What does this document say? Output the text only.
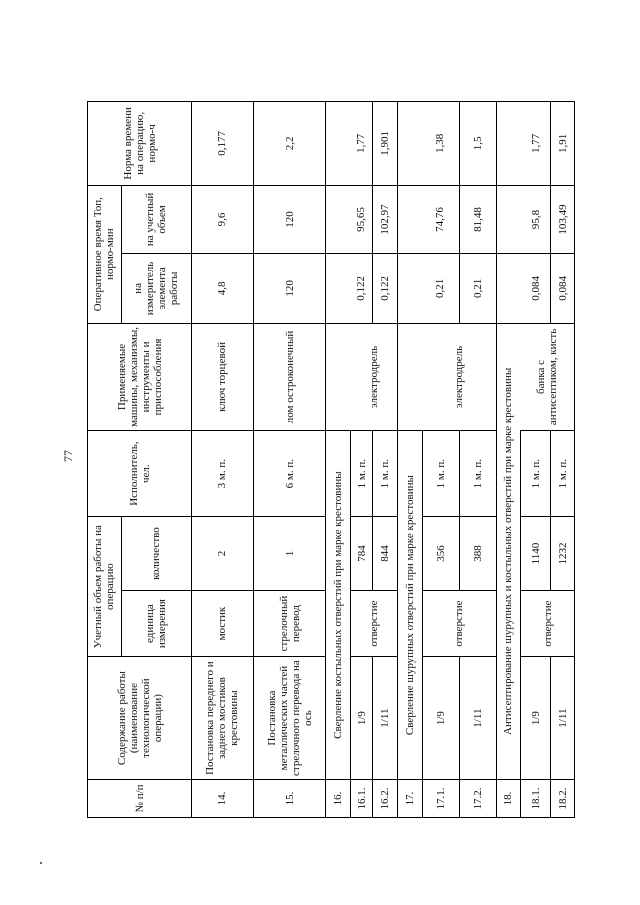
77
№ п/п	Содержание работы (наименование технологической операции)	Учетный объем работы на операцию		Исполнитель, чел.	Применяемые машины, механизмы, инструменты и приспособления	Оперативное время Топ, нормо-мин		Норма времени на операцию, нормо-ч
		единица измерения	количество			на измеритель элемента работы	на учетный объем	
14.	Постановка переднего и заднего мостиков крестовины	мостик	2	3 м. п.	ключ торцевой	4,8	9,6	0,177
15.	Постановка металлических частей стрелочного перевода на ось	стрелочный перевод	1	6 м. п.	лом остроконечный	120	120	2,2
16.	Сверление костыльных отверстий при марке крестовины							
16.1.	1/9	отверстие	784	1 м. п.	электродрель	0,122	95,65	1,77
16.2.	1/11		844	1 м. п.		0,122	102,97	1,901
17.	Сверление шурупных отверстий при марке крестовины							
17.1.	1/9	отверстие	356	1 м. п.	электродрель	0,21	74,76	1,38
17.2.	1/11		388	1 м. п.		0,21	81,48	1,5
18.	Антисептирование шурупных и костыльных отверстий при марке крестовины							
18.1.	1/9	отверстие	1140	1 м. п.	банка с антисептиком, кисть	0,084	95,8	1,77
18.2.	1/11		1232	1 м. п.		0,084	103,49	1,91
